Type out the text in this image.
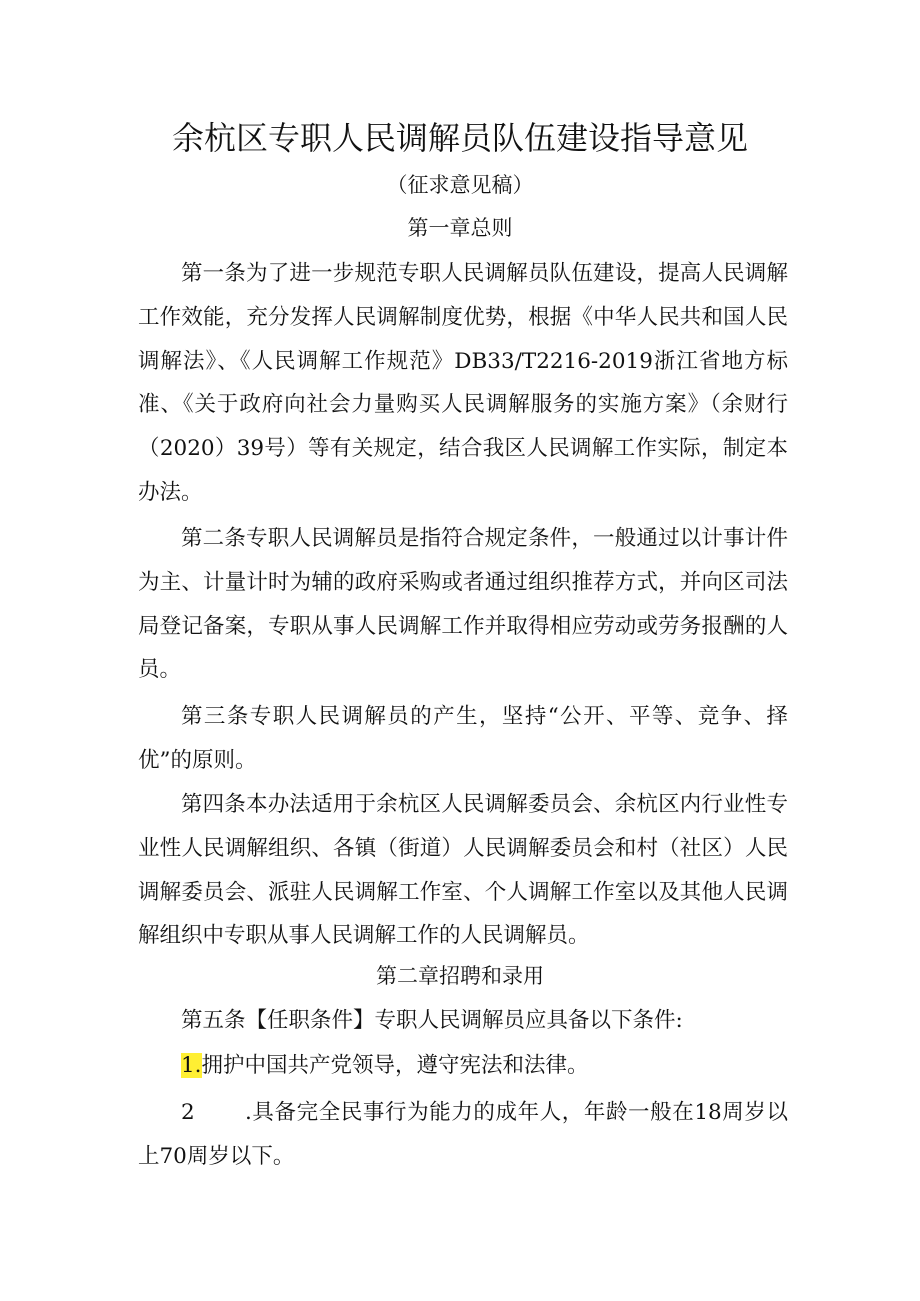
余杭区专职人民调解员队伍建设指导意见
（征求意见稿）
第一章总则
第一条为了进一步规范专职人民调解员队伍建设，提高人民调解工作效能，充分发挥人民调解制度优势，根据《中华人民共和国人民调解法》、《人民调解工作规范》DB33/T2216-2019浙江省地方标准、《关于政府向社会力量购买人民调解服务的实施方案》（余财行（2020）39号）等有关规定，结合我区人民调解工作实际，制定本办法。
第二条专职人民调解员是指符合规定条件，一般通过以计事计件为主、计量计时为辅的政府采购或者通过组织推荐方式，并向区司法局登记备案，专职从事人民调解工作并取得相应劳动或劳务报酬的人员。
第三条专职人民调解员的产生，坚持“公开、平等、竞争、择优”的原则。
第四条本办法适用于余杭区人民调解委员会、余杭区内行业性专业性人民调解组织、各镇（街道）人民调解委员会和村（社区）人民调解委员会、派驻人民调解工作室、个人调解工作室以及其他人民调解组织中专职从事人民调解工作的人民调解员。
第二章招聘和录用
第五条【任职条件】专职人民调解员应具备以下条件:
1.拥护中国共产党领导，遵守宪法和法律。
2	.具备完全民事行为能力的成年人，年龄一般在18周岁以上70周岁以下。
